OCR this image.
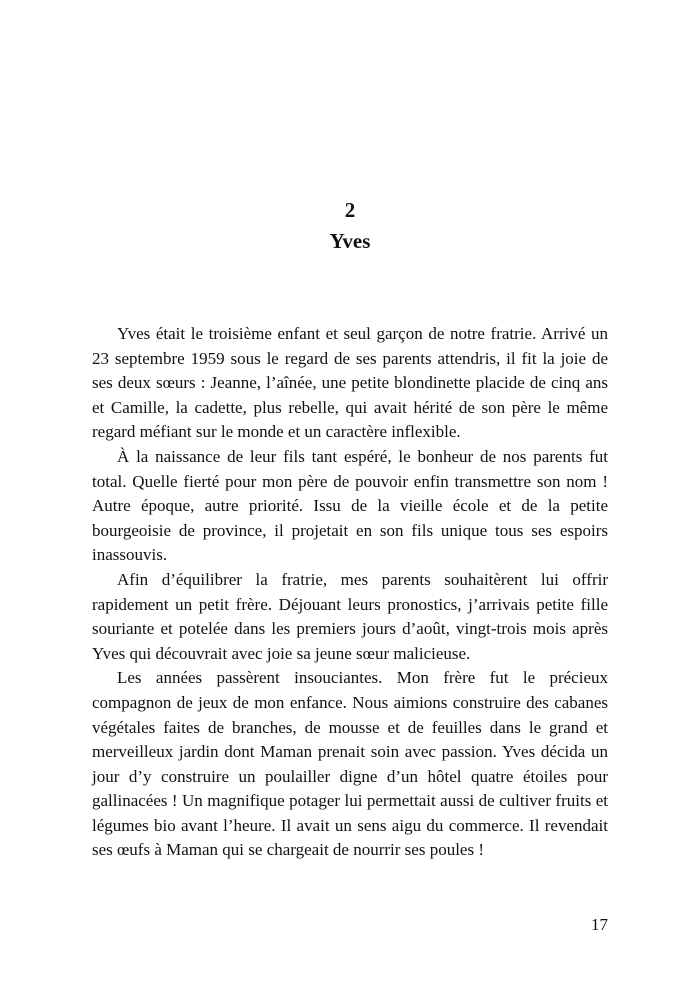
2
Yves

Yves était le troisième enfant et seul garçon de notre fratrie. Arrivé un 23 septembre 1959 sous le regard de ses parents attendris, il fit la joie de ses deux sœurs : Jeanne, l’aînée, une petite blondinette placide de cinq ans et Camille, la cadette, plus rebelle, qui avait hérité de son père le même regard méfiant sur le monde et un caractère inflexible.

À la naissance de leur fils tant espéré, le bonheur de nos parents fut total. Quelle fierté pour mon père de pouvoir enfin transmettre son nom ! Autre époque, autre priorité. Issu de la vieille école et de la petite bourgeoisie de province, il projetait en son fils unique tous ses espoirs inassouvis.

Afin d’équilibrer la fratrie, mes parents souhaitèrent lui offrir rapidement un petit frère. Déjouant leurs pronostics, j’arrivais petite fille souriante et potelée dans les premiers jours d’août, vingt-trois mois après Yves qui découvrait avec joie sa jeune sœur malicieuse.

Les années passèrent insouciantes. Mon frère fut le précieux compagnon de jeux de mon enfance. Nous aimions construire des cabanes végétales faites de branches, de mousse et de feuilles dans le grand et merveilleux jardin dont Maman prenait soin avec passion. Yves décida un jour d’y construire un poulailler digne d’un hôtel quatre étoiles pour gallinacées ! Un magnifique potager lui permettait aussi de cultiver fruits et légumes bio avant l’heure. Il avait un sens aigu du commerce. Il revendait ses œufs à Maman qui se chargeait de nourrir ses poules !

17
